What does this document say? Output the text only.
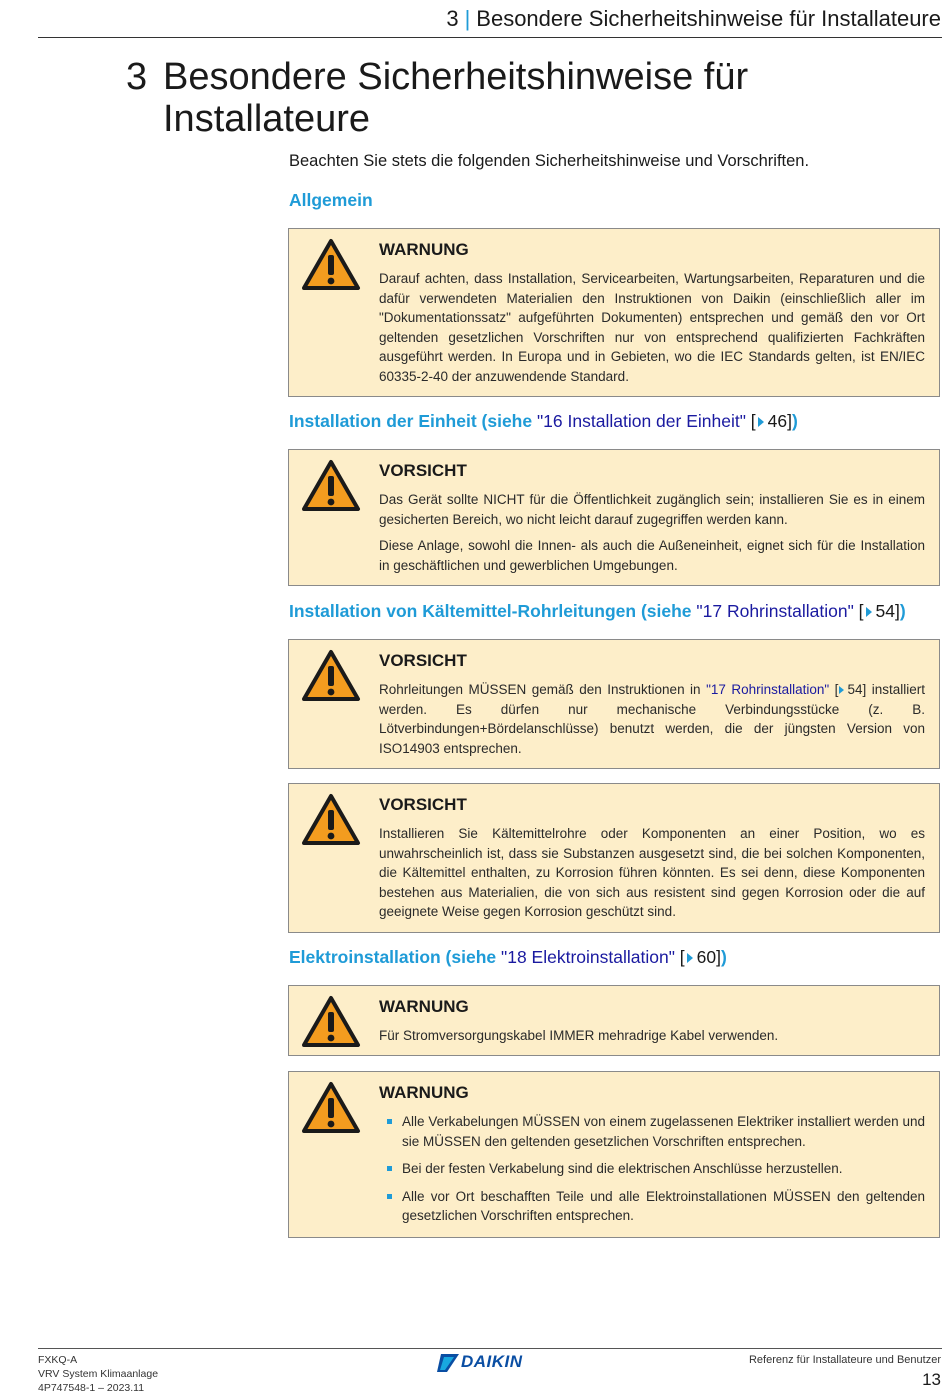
3 | Besondere Sicherheitshinweise für Installateure
3 Besondere Sicherheitshinweise für Installateure

Beachten Sie stets die folgenden Sicherheitshinweise und Vorschriften.

Allgemein
WARNUNG

Darauf achten, dass Installation, Servicearbeiten, Wartungsarbeiten, Reparaturen und die dafür verwendeten Materialien den Instruktionen von Daikin (einschließlich aller im "Dokumentationssatz" aufgeführten Dokumenten) entsprechen und gemäß den vor Ort geltenden gesetzlichen Vorschriften nur von entsprechend qualifizierten Fachkräften ausgeführt werden. In Europa und in Gebieten, wo die IEC Standards gelten, ist EN/IEC 60335-2-40 der anzuwendende Standard.

Installation der Einheit (siehe "16 Installation der Einheit" [ 46])
VORSICHT

Das Gerät sollte NICHT für die Öffentlichkeit zugänglich sein; installieren Sie es in einem gesicherten Bereich, wo nicht leicht darauf zugegriffen werden kann.

Diese Anlage, sowohl die Innen- als auch die Außeneinheit, eignet sich für die Installation in geschäftlichen und gewerblichen Umgebungen.

Installation von Kältemittel-Rohrleitungen (siehe "17 Rohrinstallation" [ 54])
VORSICHT

Rohrleitungen MÜSSEN gemäß den Instruktionen in "17 Rohrinstallation" [ 54] installiert werden. Es dürfen nur mechanische Verbindungsstücke (z. B. Lötverbindungen+Bördelanschlüsse) benutzt werden, die der jüngsten Version von ISO14903 entsprechen.

VORSICHT

Installieren Sie Kältemittelrohre oder Komponenten an einer Position, wo es unwahrscheinlich ist, dass sie Substanzen ausgesetzt sind, die bei solchen Komponenten, die Kältemittel enthalten, zu Korrosion führen könnten. Es sei denn, diese Komponenten bestehen aus Materialien, die von sich aus resistent sind gegen Korrosion oder die auf geeignete Weise gegen Korrosion geschützt sind.

Elektroinstallation (siehe "18 Elektroinstallation" [ 60])
WARNUNG

Für Stromversorgungskabel IMMER mehradrige Kabel verwenden.

WARNUNG
Alle Verkabelungen MÜSSEN von einem zugelassenen Elektriker installiert werden und sie MÜSSEN den geltenden gesetzlichen Vorschriften entsprechen.
Bei der festen Verkabelung sind die elektrischen Anschlüsse herzustellen.
Alle vor Ort beschafften Teile und alle Elektroinstallationen MÜSSEN den geltenden gesetzlichen Vorschriften entsprechen.
FXKQ-A
VRV System Klimaanlage
4P747548-1 – 2023.11
DAIKIN	Referenz für Installateure und Benutzer
13
